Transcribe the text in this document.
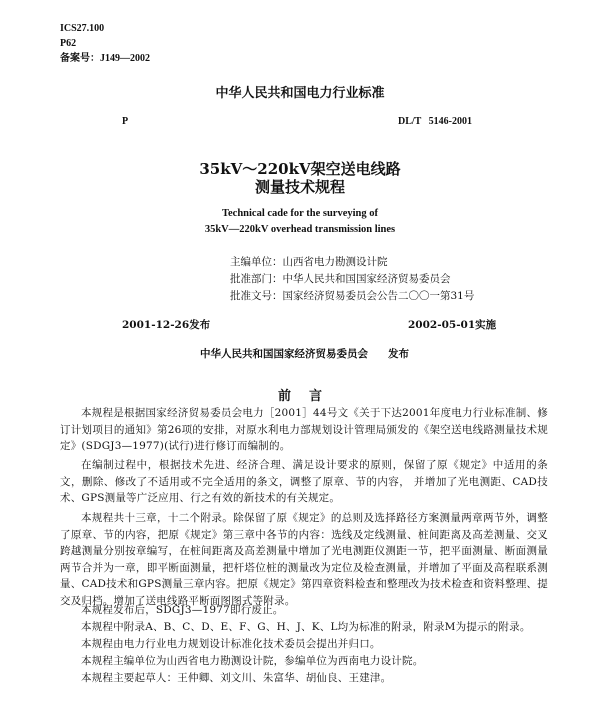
ICS27.100
P62
备案号：J149—2002
中华人民共和国电力行业标准
P	DL/T   5146-2001
35kV～220kV架空送电线路
测量技术规程
Technical cade for the surveying of
35kV—220kV overhead transmission lines
主编单位：山西省电力勘测设计院
批准部门：中华人民共和国国家经济贸易委员会
批准文号：国家经济贸易委员会公告二〇〇一第31号
2001-12-26发布	2002-05-01实施
中华人民共和国国家经济贸易委员会 发布
前    言
本规程是根据国家经济贸易委员会电力［2001］44号文《关于下达2001年度电力行业标准制、修订计划项目的通知》第26项的安排，对原水利电力部规划设计管理局颁发的《架空送电线路测量技术规定》(SDGJ3—1977)(试行)进行修订而编制的。
在编制过程中，根据技术先进、经济合理、满足设计要求的原则，保留了原《规定》中适用的条文，删除、修改了不适用或不完全适用的条文，调整了原章、节的内容， 并增加了光电测距、CAD技术、GPS测量等广泛应用、行之有效的新技术的有关规定。
本规程共十三章，十二个附录。除保留了原《规定》的总则及选择路径方案测量两章两节外，调整了原章、节的内容，把原《规定》第三章中各节的内容：选线及定线测量、桩间距离及高差测量、交叉跨越测量分别按章编写，在桩间距离及高差测量中增加了光电测距仪测距一节，把平面测量、断面测量两节合并为一章，即平断面测量，把杆塔位桩的测量改为定位及检查测量，并增加了平面及高程联系测量、CAD技术和GPS测量三章内容。把原《规定》第四章资料检查和整理改为技术检查和资料整理、提交及归档。增加了送电线路平断面图图式等附录。
本规程发布后，SDGJ3—1977即行废止。
本规程中附录A、B、C、D、E、F、G、H、J、K、L均为标准的附录，附录M为提示的附录。
本规程由电力行业电力规划设计标准化技术委员会提出并归口。
本规程主编单位为山西省电力勘测设计院，参编单位为西南电力设计院。
本规程主要起草人：王仲卿、刘文川、朱富华、胡仙良、王建津。
